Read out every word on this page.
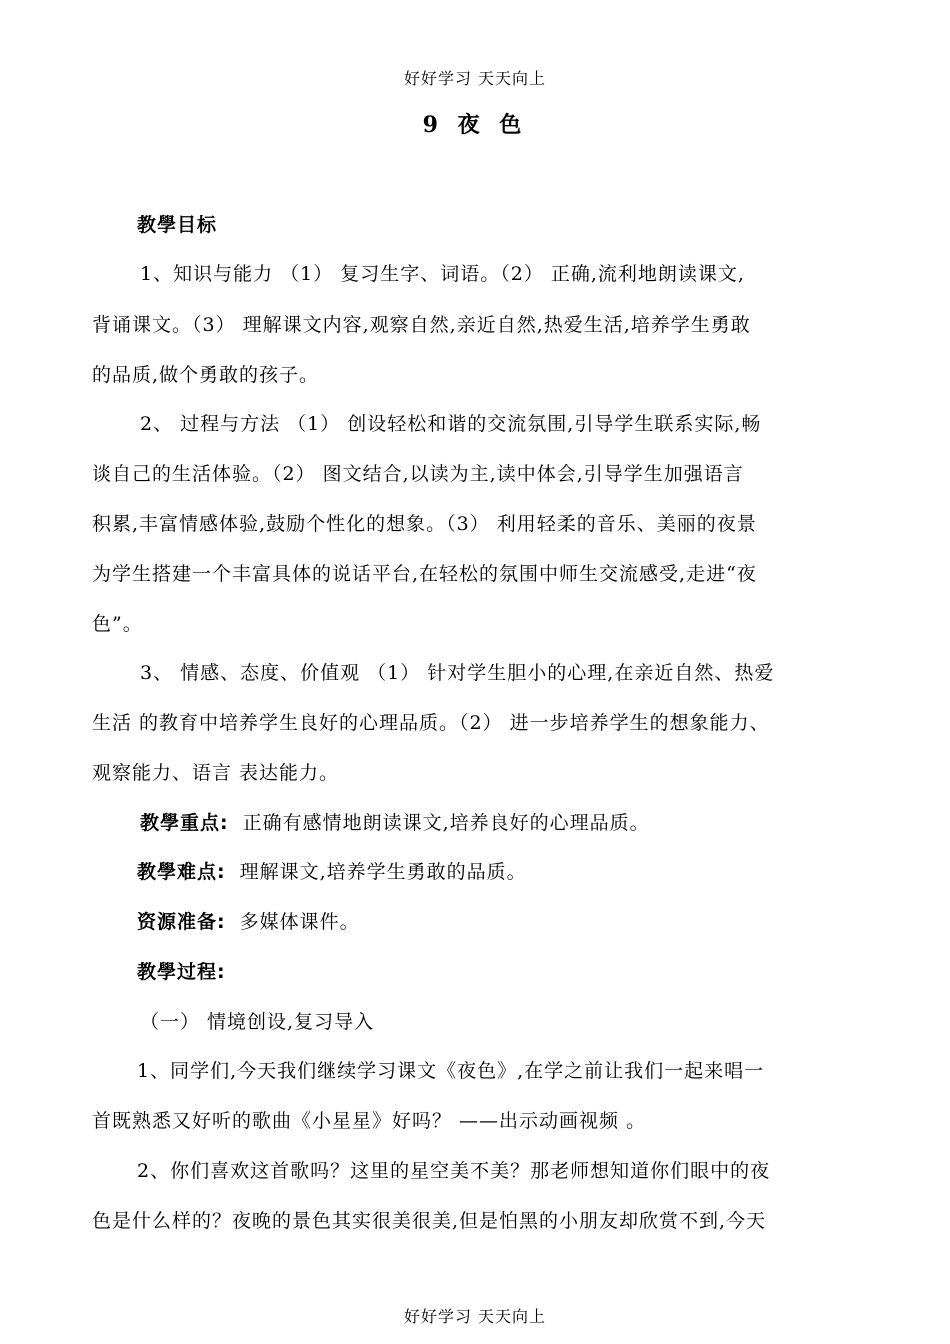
好好学习 天天向上
9 夜 色
教學目标
1、知识与能力 （1） 复习生字、词语。（2） 正确,流利地朗读课文,
背诵课文。（3） 理解课文内容,观察自然,亲近自然,热爱生活,培养学生勇敢
的品质,做个勇敢的孩子。
2、 过程与方法 （1） 创设轻松和谐的交流氛围,引导学生联系实际,畅
谈自己的生活体验。（2） 图文结合,以读为主,读中体会,引导学生加强语言
积累,丰富情感体验,鼓励个性化的想象。（3） 利用轻柔的音乐、美丽的夜景
为学生搭建一个丰富具体的说话平台,在轻松的氛围中师生交流感受,走进“夜
色”。
3、 情感、态度、价值观 （1） 针对学生胆小的心理,在亲近自然、热爱
生活 的教育中培养学生良好的心理品质。（2） 进一步培养学生的想象能力、
观察能力、语言 表达能力。
教學重点: 正确有感情地朗读课文,培养良好的心理品质。
教學难点: 理解课文,培养学生勇敢的品质。
资源准备: 多媒体课件。
教學过程:
（一） 情境创设,复习导入
1、同学们,今天我们继续学习课文《夜色》,在学之前让我们一起来唱一
首既熟悉又好听的歌曲《小星星》好吗？ ——出示动画视频 。
2、你们喜欢这首歌吗？这里的星空美不美？那老师想知道你们眼中的夜
色是什么样的？夜晚的景色其实很美很美,但是怕黑的小朋友却欣赏不到,今天
好好学习 天天向上
